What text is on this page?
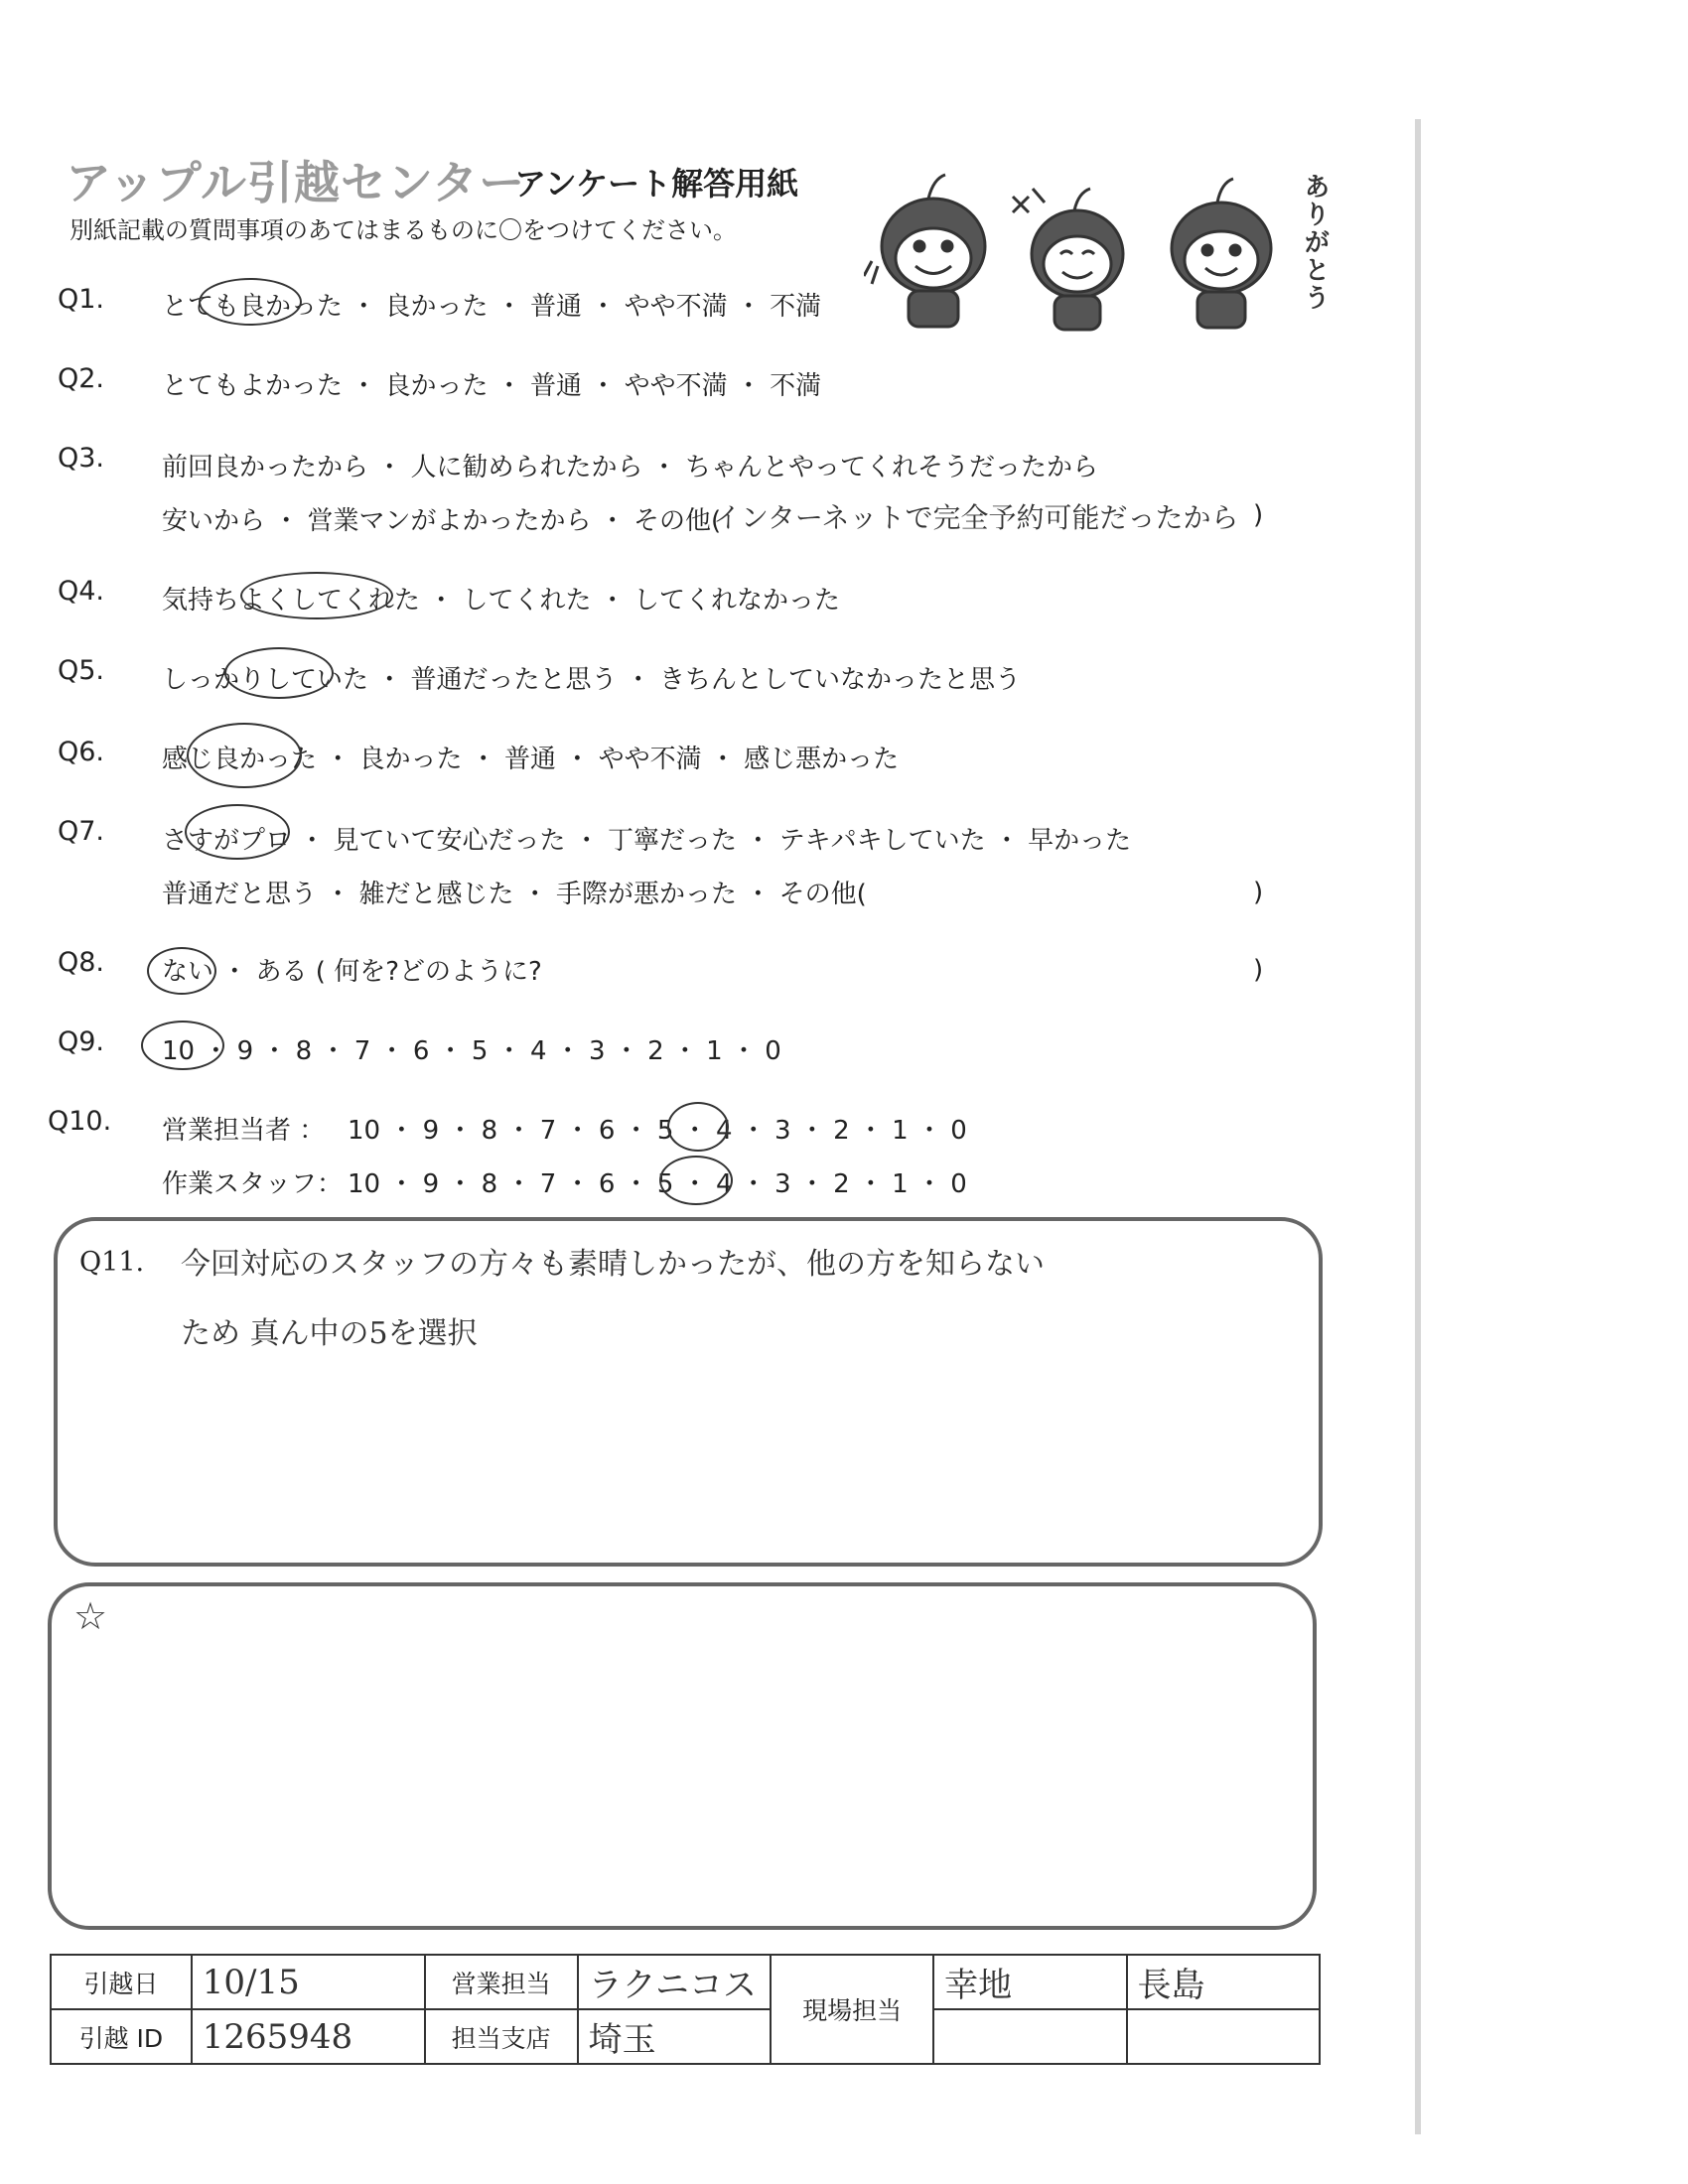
アップル引越センター
アンケート解答用紙
別紙記載の質問事項のあてはまるものに〇をつけてください。	ありがとう
Q1. とても良かった ・ 良かった ・ 普通 ・ やや不満 ・ 不満
Q2. とてもよかった ・ 良かった ・ 普通 ・ やや不満 ・ 不満
Q3. 前回良かったから ・ 人に勧められたから ・ ちゃんとやってくれそうだったから
安いから ・ 営業マンがよかったから ・ その他(
インターネットで完全予約可能だったから )
Q4. 気持ちよくしてくれた ・ してくれた ・ してくれなかった
Q5. しっかりしていた ・ 普通だったと思う ・ きちんとしていなかったと思う
Q6. 感じ良かった ・ 良かった ・ 普通 ・ やや不満 ・ 感じ悪かった
Q7. さすがプロ ・ 見ていて安心だった ・ 丁寧だった ・ テキパキしていた ・ 早かった
普通だと思う ・ 雑だと感じた ・ 手際が悪かった ・ その他(	)
Q8. ない ・ ある ( 何を?どのように?	)
Q9. 10 ・ 9 ・ 8 ・ 7 ・ 6 ・ 5 ・ 4 ・ 3 ・ 2 ・ 1 ・ 0
Q10. 営業担当者 ： 10 ・ 9 ・ 8 ・ 7 ・ 6 ・ 5 ・ 4 ・ 3 ・ 2 ・ 1 ・ 0
作業スタッフ： 10 ・ 9 ・ 8 ・ 7 ・ 6 ・ 5 ・ 4 ・ 3 ・ 2 ・ 1 ・ 0
Q11. 今回対応のスタッフの方々も素晴しかったが、他の方を知らない
ため 真ん中の5を選択
☆
引越日	10/15	営業担当	ラクニコス	現場担当	幸地	長島
引越 ID	1265948	担当支店	埼玉			
